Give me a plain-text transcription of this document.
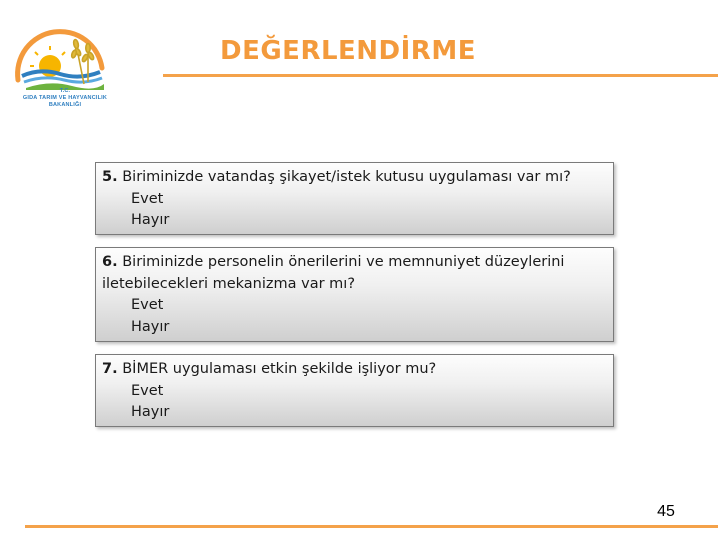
T.C.
GIDA TARIM VE HAYVANCILIK
BAKANLIĞI
DEĞERLENDİRME
5. Biriminizde vatandaş şikayet/istek kutusu uygulaması var mı?
Evet
Hayır
6. Biriminizde personelin önerilerini ve memnuniyet düzeylerini iletebilecekleri mekanizma var mı?
Evet
Hayır
7. BİMER uygulaması etkin şekilde işliyor mu?
Evet
Hayır
45
